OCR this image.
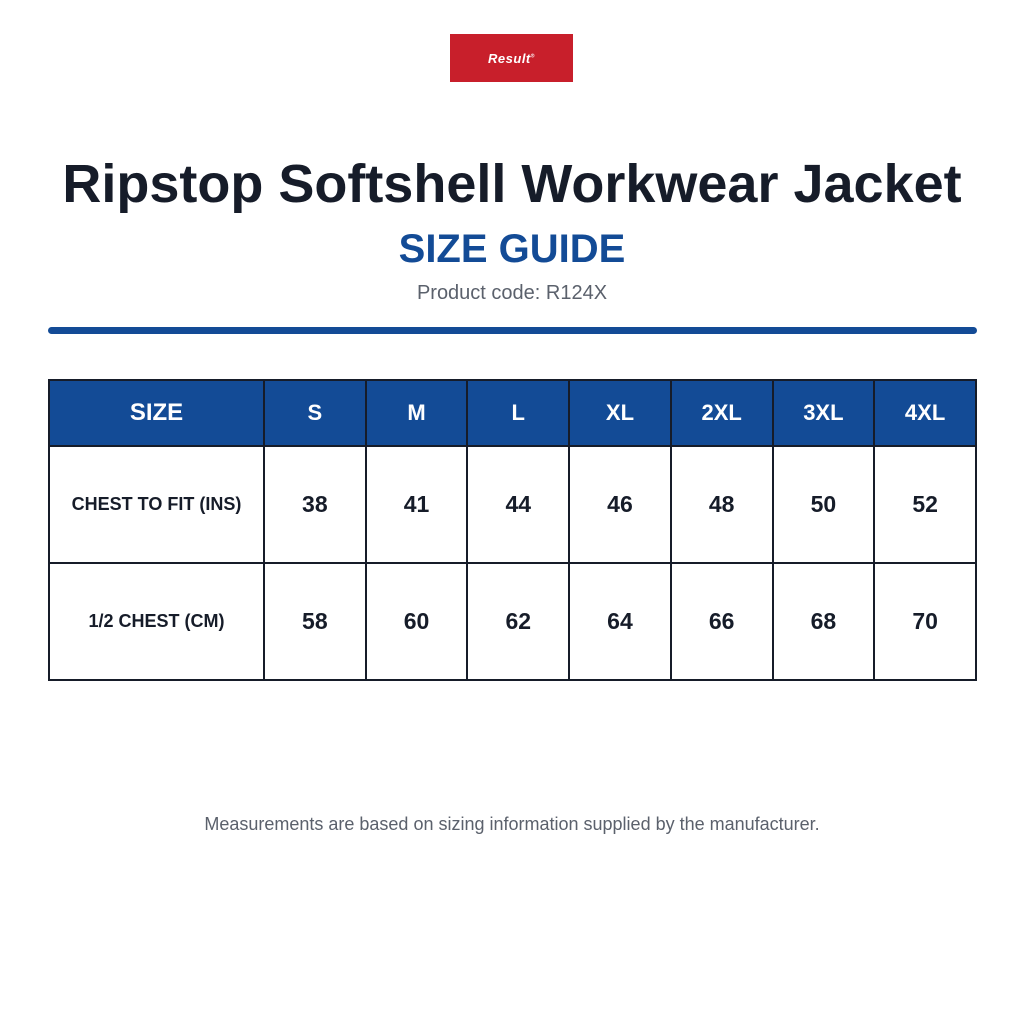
Result®
Ripstop Softshell Workwear Jacket
SIZE GUIDE
Product code: R124X
SIZE	S	M	L	XL	2XL	3XL	4XL
CHEST TO FIT (INS)	38	41	44	46	48	50	52
1/2 CHEST (CM)	58	60	62	64	66	68	70
Measurements are based on sizing information supplied by the manufacturer.
